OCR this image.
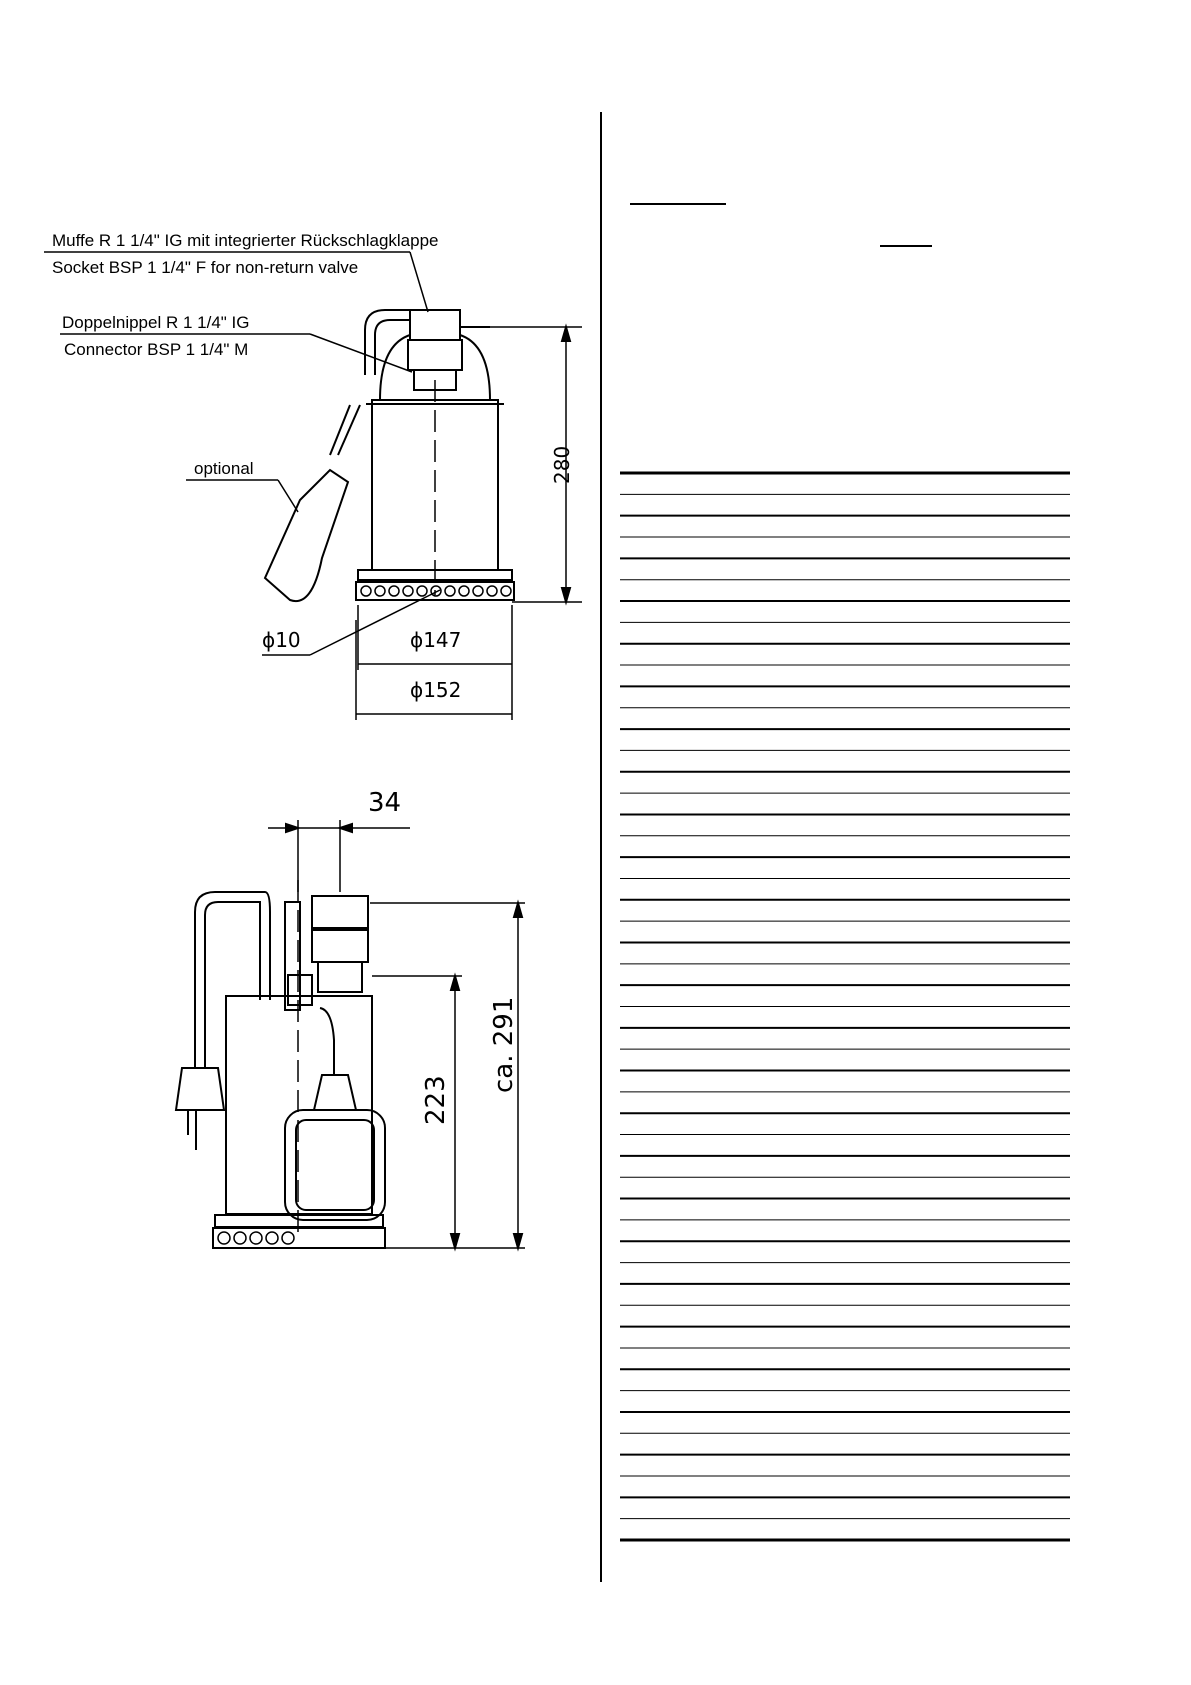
Muffe R 1 1/4" IG mit integrierter Rückschlagklappe
Socket BSP 1 1/4" F for non-return valve
Doppelnippel R 1 1/4" IG
Connector BSP 1 1/4" M
optional	280
ϕ10	ϕ147
ϕ152
34
223
ca. 291
